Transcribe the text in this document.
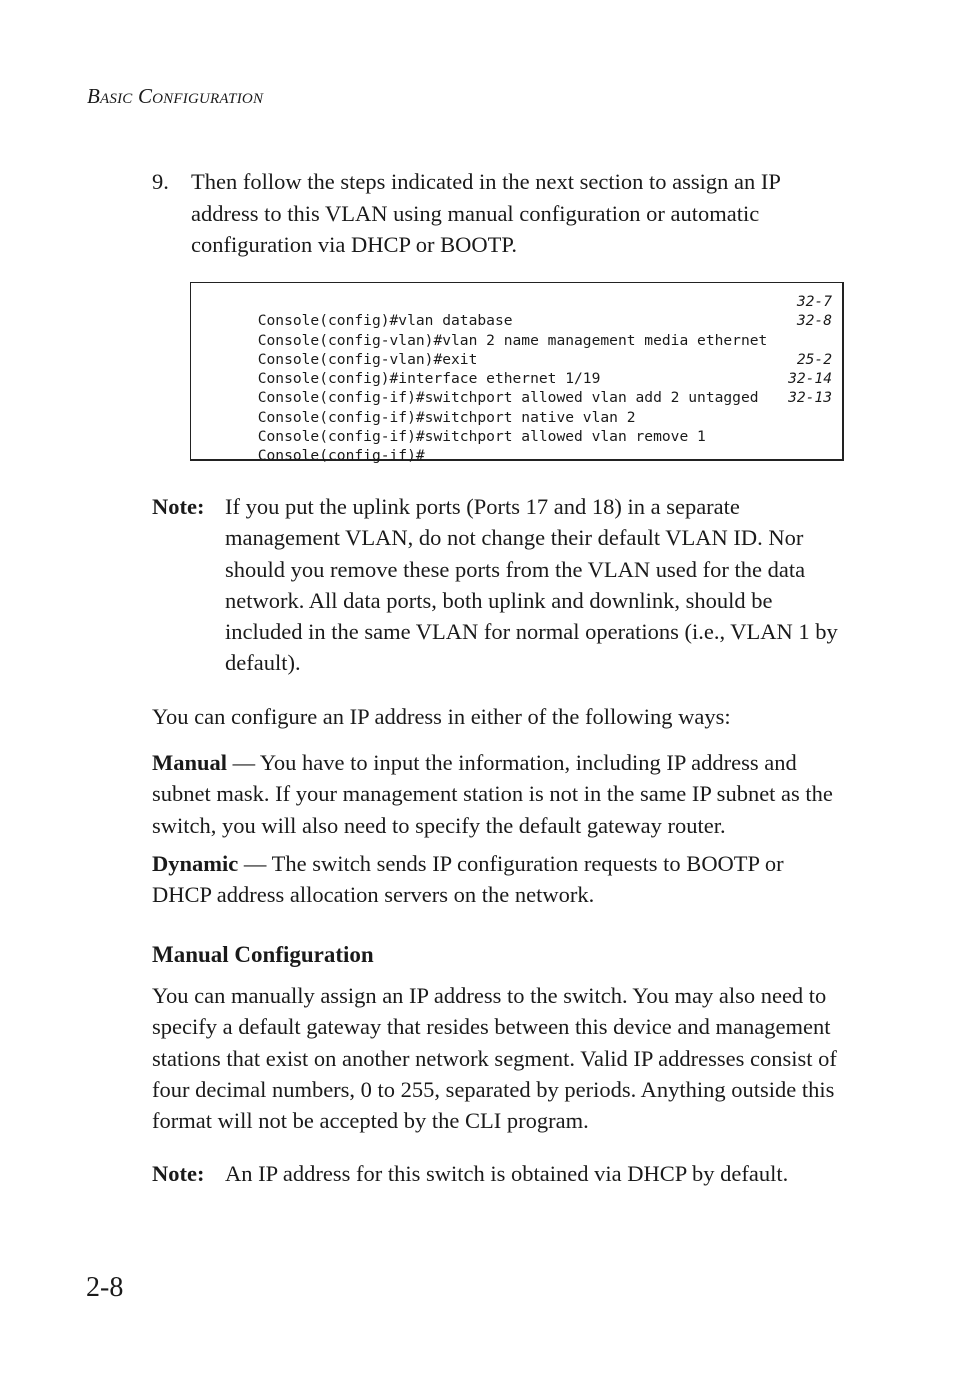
Basic Configuration
9. Then follow the steps indicated in the next section to assign an IP address to this VLAN using manual configuration or automatic configuration via DHCP or BOOTP.

Console(config)#vlan database

32-7

Console(config-vlan)#vlan 2 name management media ethernet

32-8

Console(config-vlan)#exit

Console(config)#interface ethernet 1/19

25-2

Console(config-if)#switchport allowed vlan add 2 untagged

32-14

Console(config-if)#switchport native vlan 2

32-13

Console(config-if)#switchport allowed vlan remove 1

Console(config-if)#

Note: If you put the uplink ports (Ports 17 and 18) in a separate management VLAN, do not change their default VLAN ID. Nor should you remove these ports from the VLAN used for the data network. All data ports, both uplink and downlink, should be included in the same VLAN for normal operations (i.e., VLAN 1 by default).
You can configure an IP address in either of the following ways:
Manual — You have to input the information, including IP address and subnet mask. If your management station is not in the same IP subnet as the switch, you will also need to specify the default gateway router.
Dynamic — The switch sends IP configuration requests to BOOTP or DHCP address allocation servers on the network.
Manual Configuration
You can manually assign an IP address to the switch. You may also need to specify a default gateway that resides between this device and management stations that exist on another network segment. Valid IP addresses consist of four decimal numbers, 0 to 255, separated by periods. Anything outside this format will not be accepted by the CLI program.
Note: An IP address for this switch is obtained via DHCP by default.
2-8
